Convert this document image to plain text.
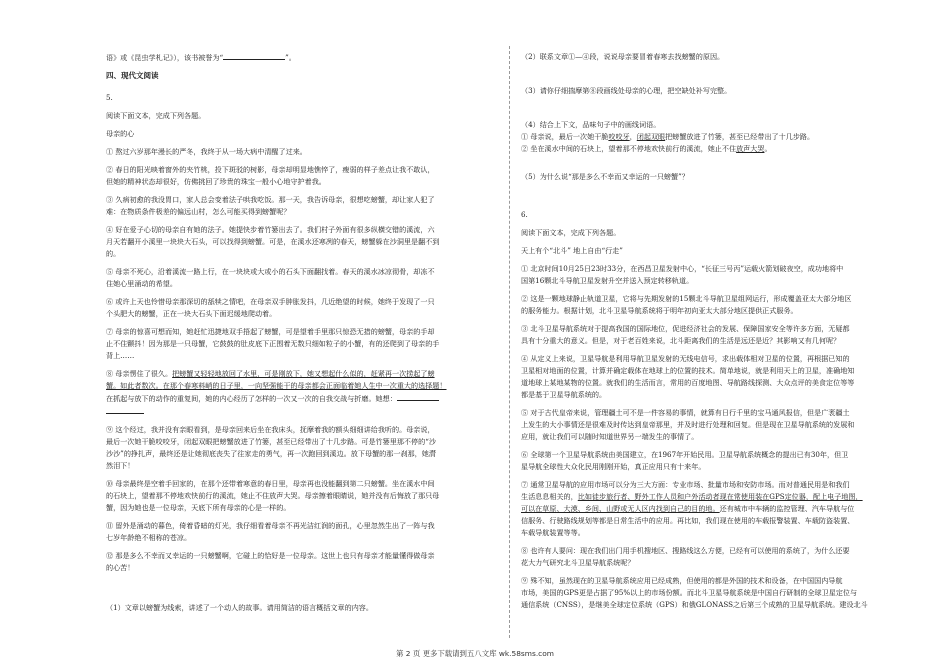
语》或《昆虫学札记》），该书被誉为“	”。

四、现代文阅读

5.

阅读下面文本，完成下列各题。

母亲的心

① 熬过六岁那年漫长的严冬，我终于从一场大病中清醒了过来。

② 春日的阳光映着窗外的夹竹桃，投下斑驳的树影，母亲却明显地憔悴了，瘦弱的样子差点让我不敢认，

但她的精神状态却很好，仿佛挑回了珍贵的珠宝一般小心地守护着我。

③ 久病初愈的我没胃口，家人总会变着法子哄我吃饭。那一天，我告诉母亲，很想吃螃蟹，却让家人犯了

难：在物质条件极差的偏远山村，怎么可能买得到螃蟹呢？

④ 好在爱子心切的母亲自有她的法子。她提快步着竹篓出去了。我们村子外面有很多纵横交错的溪流，六

月天若翻开小溪里一块块大石头，可以找得到螃蟹。可是，在溪水还寒冽的春天，螃蟹躲在沙洞里是翻不到

的。

⑤ 母亲不死心，沿着溪流一路上行，在一块块或大或小的石头下面翻找着。春天的溪水冰凉彻骨，却冻不

住她心里涌动的希望。

⑥ 或许上天也怜惜母亲那深切的舐犊之情吧，在母亲双手肿胀发抖，几近绝望的时候，她终于发现了一只

个头肥大的螃蟹，正在一块大石头下面迟缓地爬动着。

⑦ 母亲的惊喜可想而知，她赶忙迅捷地双手捂起了螃蟹，可是望着手里那只惊恐无措的螃蟹，母亲的手却

止不住颤抖！因为那是一只母蟹，它鼓鼓的肚皮底下正围着无数只细如粒子的小蟹，有的还爬到了母亲的手

背上……

⑧ 母亲愣住了很久。把螃蟹又轻轻地放回了水里，可是刚放下，她又想起什么似的，赶紧再一次捞起了螃

蟹。如此者数次。在那个春寒料峭的日子里，一向坚强能干的母亲都会正面临着她人生中一次重大的选择题！

在抓起与放下的动作的重复间，她的内心经历了怎样的一次又一次的自我交战与折磨。她想：

⑨ 这个经过，我并没有亲眼看到，是母亲回来后坐在我床头，抚摩着我的额头细细讲给我听的。母亲说，

最后一次她干脆咬咬牙，闭起双眼把螃蟹放进了竹篓，甚至已经带出了十几步路。可是竹篓里那不停的“沙

沙沙”的挣扎声，最终还是让她彻底丧失了往家走的勇气，再一次跑回到溪边。放下母蟹的那一刹那，她潸

然泪下！

⑩ 母亲最终是空着手回家的，在那个还带着寒意的春日里，母亲再也没能翻到第二只螃蟹。坐在溪水中间

的石块上，望着那不停地欢快前行的溪流，她止不住放声大哭。母亲擦着眼睛说，她并没有后悔放了那只母

蟹，因为她也是一位母亲，天底下所有母亲的心是一样的。

⑪ 留外是涌动的暮色，倚着昏暗的灯光，我仔细看着母亲不再光洁红润的面孔，心里忽然生出了一阵与我

七岁年龄绝不相称的苍凉。

⑫ 那是多么不幸而又幸运的一只螃蟹啊，它碰上的恰好是一位母亲。这世上也只有母亲才能量懂得做母亲

的心苦！

（1）文章以螃蟹为线索，讲述了一个动人的故事。请用简洁的语言概括文章的内容。

（2）联系文章①—④段，说说母亲要冒着春寒去找螃蟹的原因。

（3）请你仔细揣摩第⑧段画线处母亲的心理，把空缺处补写完整。

（4）结合上下文，品味句子中的画线词语。

① 母亲说，最后一次她干脆咬咬牙，闭起双眼把螃蟹放进了竹篓，甚至已经带出了十几步路。

② 坐在溪水中间的石块上，望着那不停地欢快前行的溪流，她止不住放声大哭。

（5）为什么说“那是多么不幸而又幸运的一只螃蟹”？

6.

阅读下面文本，完成下列各题。

天上有个“北斗” 地上自由“行走”

① 北京时间10月25日23时33分，在西昌卫星发射中心，“长征三号丙”运载火箭划破夜空，成功地将中

国第16颗北斗导航卫星发射升空并送入预定转移轨道。

② 这是一颗地球静止轨道卫星，它将与先期发射的15颗北斗导航卫星组网运行，形成覆盖亚太大部分地区

的服务能力。根据计划，北斗卫星导航系统将于明年初向亚太大部分地区提供正式服务。

③ 北斗卫星导航系统对于提高我国的国际地位，促进经济社会的发展、保障国家安全等许多方面，无疑都

具有十分重大的意义。但是，对于老百姓来说，北斗距离我们的生活是远还是近？其影响又有几何呢？

④ 从定义上来说，卫星导航是利用导航卫星发射的无线电信号，求出载体相对卫星的位置，再根据已知的

卫星相对地面的位置，计算并确定载体在地球上的位置的技术。简单地说，就是利用天上的卫星，准确地知

道地球上某地某物的位置。就我们的生活而言，常用的百度地图、导航路线探测、大众点评的美食定位等等

都是基于卫星导航系统的。

⑤ 对于古代皇帝来说，管理疆土可不是一件容易的事情，就算有日行千里的宝马通风报信，但是广袤疆土

上发生的大小事情还是很难及时传达到皇帝那里，并及时进行处理和回复。但是现在卫星导航系统的发展和

应用，就让我们可以随时知道世界另一端发生的事情了。

⑥ 全球第一个卫星导航系统由美国建立，在1967年开始民用。卫星导航系统概念的提出已有30年，但卫

星导航全球性大众化民用刚刚开始，真正应用只有十来年。

⑦ 通常卫星导航的应用市场可以分为三大方面：专业市场、批量市场和安防市场。而对普通民用是和我们

生活息息相关的，比如徒步旅行者、野外工作人员和户外活动者现在常使用装在GPS定位器，配上电子地图，

可以在草原、大漠、乡间、山野或无人区内找到自己的目的地。还有城市中车辆的监控管理、汽车导航与位

信服务、行驶路线规划等都是日常生活中的应用。再比如，我们现在使用的车载报警装置、车载防盗装置、

车载导航装置等等。

⑧ 也许有人要问：现在我们出门用手机搜地区、搜路线这么方便，已经有可以使用的系统了，为什么还要

花大力气研究北斗卫星导航系统呢？

⑨ 殊不知，虽然现在的卫星导航系统应用已经成熟，但使用的都是外国的技术和设备，在中国国内导航

市场，美国的GPS更是占据了95%以上的市场份额。而北斗卫星导航系统是中国自行研制的全球卫星定位与

通信系统（CNSS），是继美全球定位系统（GPS）和俄GLONASS之后第三个成熟的卫星导航系统。建设北斗

第 2 页 更多下载请到五八文库 wk.58sms.com
